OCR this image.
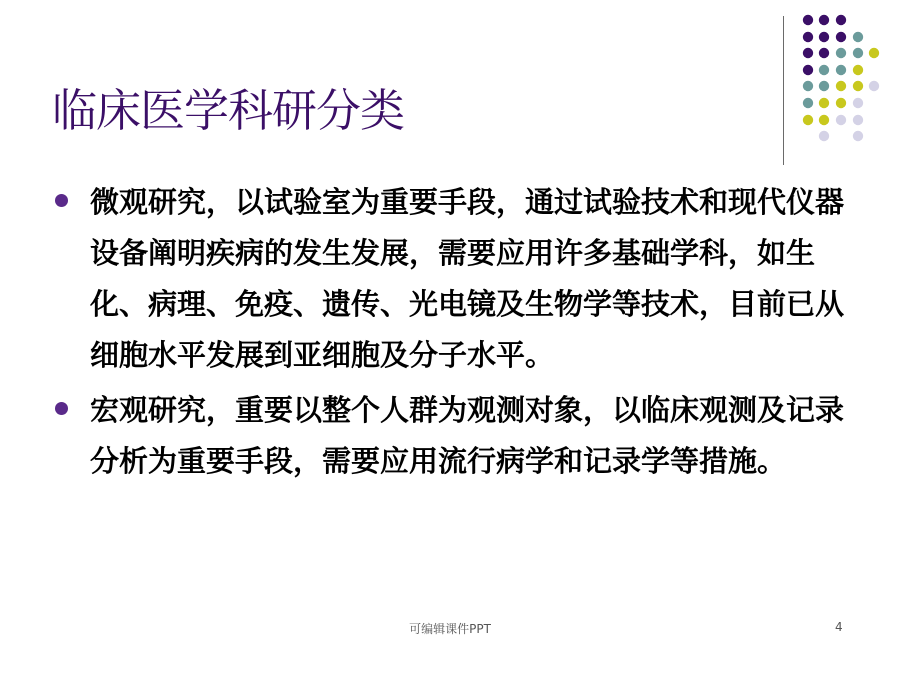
临床医学科研分类
微观研究，以试验室为重要手段，通过试验技术和现代仪器设备阐明疾病的发生发展，需要应用许多基础学科，如生化、病理、免疫、遗传、光电镜及生物学等技术，目前已从细胞水平发展到亚细胞及分子水平。
宏观研究，重要以整个人群为观测对象，以临床观测及记录分析为重要手段，需要应用流行病学和记录学等措施。
可编辑课件PPT	4
